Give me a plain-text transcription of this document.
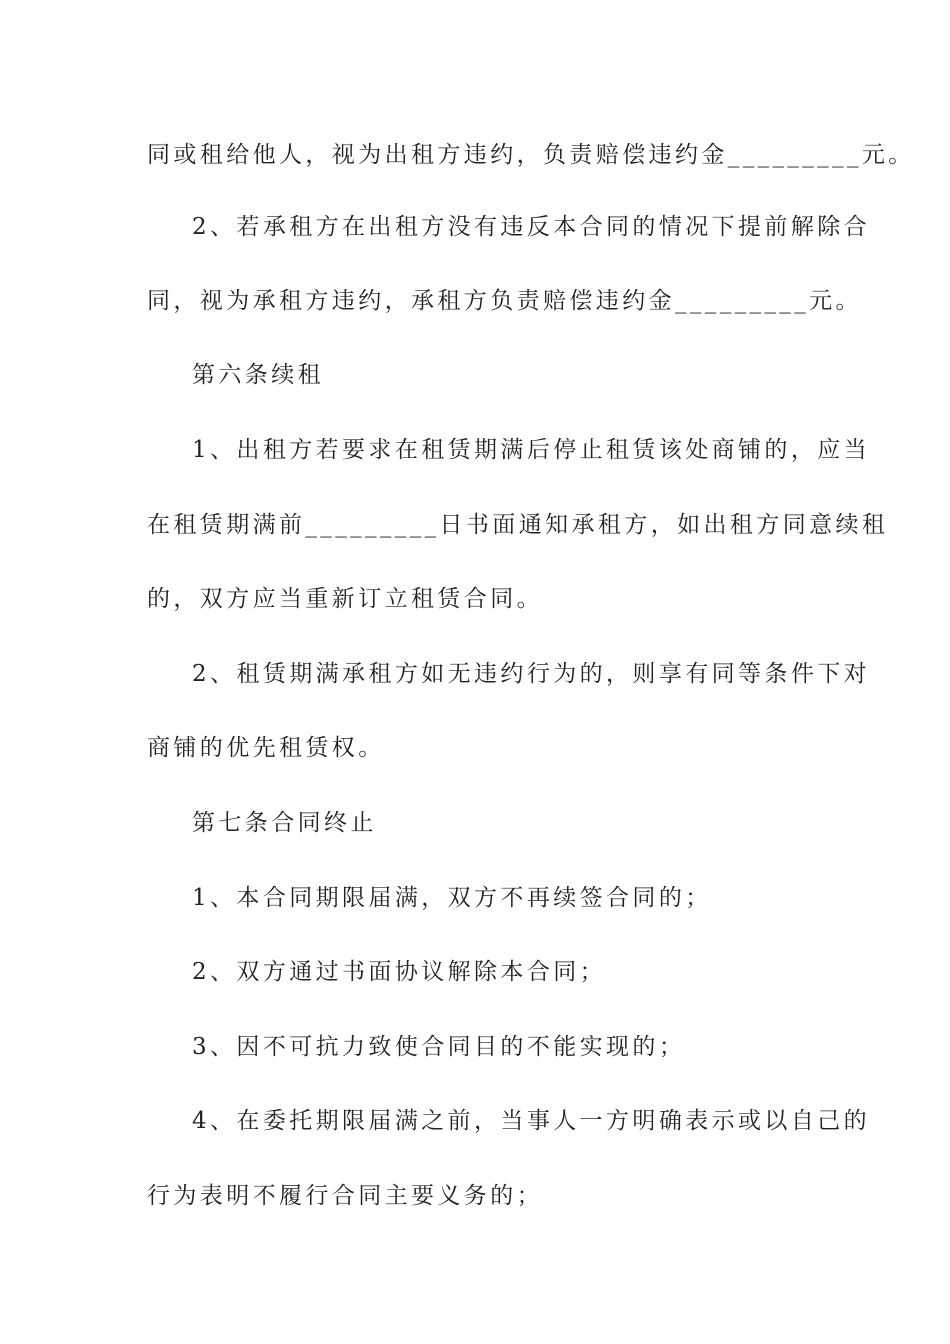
同或租给他人，视为出租方违约，负责赔偿违约金_________元。
2、若承租方在出租方没有违反本合同的情况下提前解除合
同，视为承租方违约，承租方负责赔偿违约金_________元。
第六条续租
1、出租方若要求在租赁期满后停止租赁该处商铺的，应当
在租赁期满前_________日书面通知承租方，如出租方同意续租
的，双方应当重新订立租赁合同。
2、租赁期满承租方如无违约行为的，则享有同等条件下对
商铺的优先租赁权。
第七条合同终止
1、本合同期限届满，双方不再续签合同的；
2、双方通过书面协议解除本合同；
3、因不可抗力致使合同目的不能实现的；
4、在委托期限届满之前，当事人一方明确表示或以自己的
行为表明不履行合同主要义务的；
